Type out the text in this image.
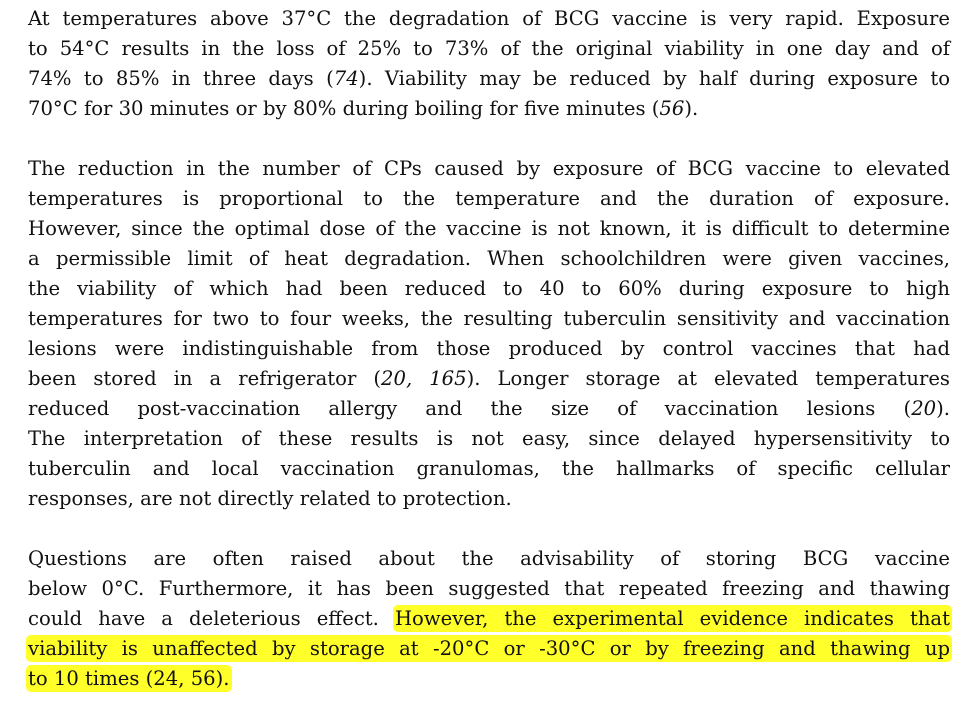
At temperatures above 37°C the degradation of BCG vaccine is very rapid. Exposure
to 54°C results in the loss of 25% to 73% of the original viability in one day and of
74% to 85% in three days (74). Viability may be reduced by half during exposure to
70°C for 30 minutes or by 80% during boiling for five minutes (56).

The reduction in the number of CPs caused by exposure of BCG vaccine to elevated
temperatures is proportional to the temperature and the duration of exposure.
However, since the optimal dose of the vaccine is not known, it is difficult to determine
a permissible limit of heat degradation. When schoolchildren were given vaccines,
the viability of which had been reduced to 40 to 60% during exposure to high
temperatures for two to four weeks, the resulting tuberculin sensitivity and vaccination
lesions were indistinguishable from those produced by control vaccines that had
been stored in a refrigerator (20, 165). Longer storage at elevated temperatures
reduced post-vaccination allergy and the size of vaccination lesions (20).
The interpretation of these results is not easy, since delayed hypersensitivity to
tuberculin and local vaccination granulomas, the hallmarks of specific cellular
responses, are not directly related to protection.

Questions are often raised about the advisability of storing BCG vaccine
below 0°C. Furthermore, it has been suggested that repeated freezing and thawing
could have a deleterious effect. However, the experimental evidence indicates that
viability is unaffected by storage at -20°C or -30°C or by freezing and thawing up
to 10 times (24, 56).
